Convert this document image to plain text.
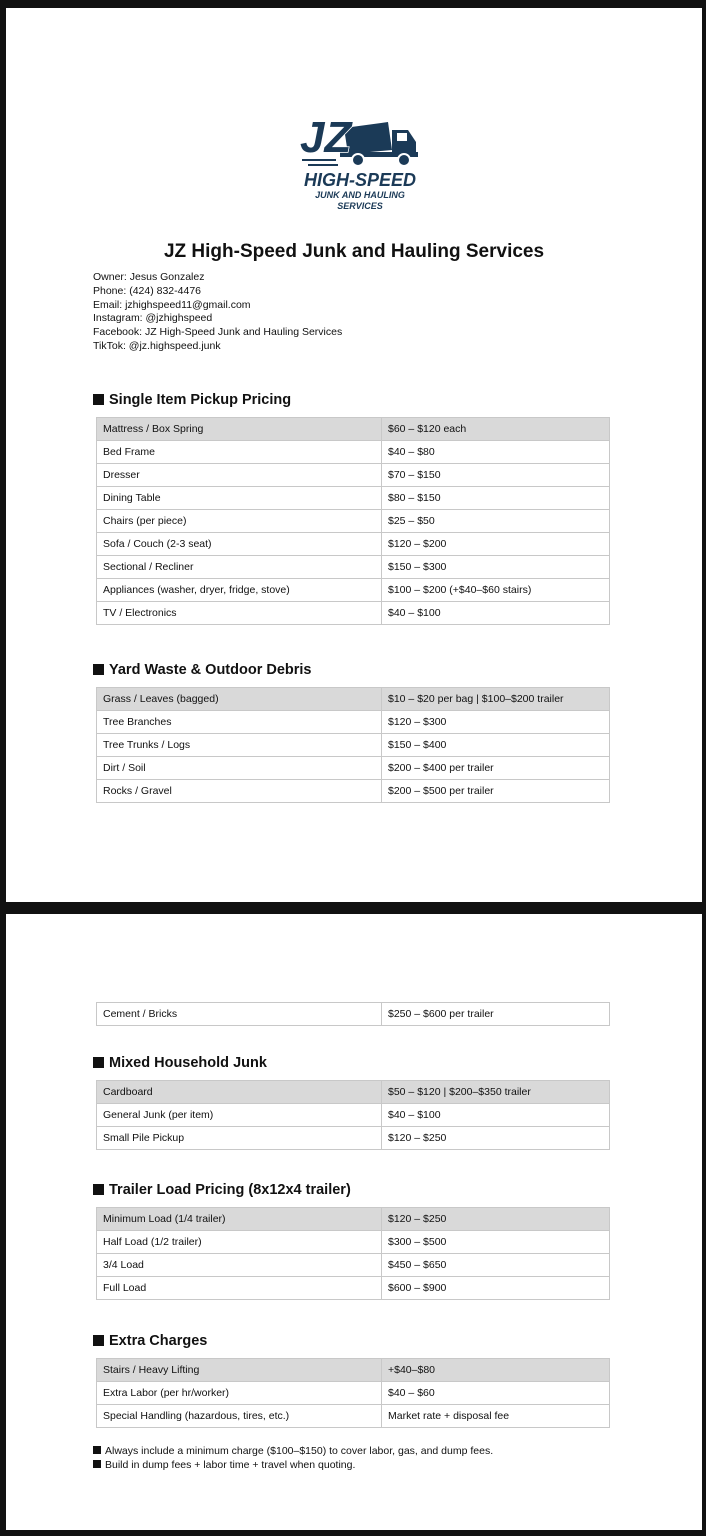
JZ
HIGH-SPEED
JUNK AND HAULING
SERVICES
JZ High-Speed Junk and Hauling Services
Owner: Jesus Gonzalez
Phone: (424) 832-4476
Email: jzhighspeed11@gmail.com
Instagram: @jzhighspeed
Facebook: JZ High-Speed Junk and Hauling Services
TikTok: @jz.highspeed.junk
Single Item Pickup Pricing
Mattress / Box Spring	$60 – $120 each
Bed Frame	$40 – $80
Dresser	$70 – $150
Dining Table	$80 – $150
Chairs (per piece)	$25 – $50
Sofa / Couch (2-3 seat)	$120 – $200
Sectional / Recliner	$150 – $300
Appliances (washer, dryer, fridge, stove)	$100 – $200 (+$40–$60 stairs)
TV / Electronics	$40 – $100
Yard Waste & Outdoor Debris
Grass / Leaves (bagged)	$10 – $20 per bag | $100–$200 trailer
Tree Branches	$120 – $300
Tree Trunks / Logs	$150 – $400
Dirt / Soil	$200 – $400 per trailer
Rocks / Gravel	$200 – $500 per trailer
Cement / Bricks	$250 – $600 per trailer
Mixed Household Junk
Cardboard	$50 – $120 | $200–$350 trailer
General Junk (per item)	$40 – $100
Small Pile Pickup	$120 – $250
Trailer Load Pricing (8x12x4 trailer)
Minimum Load (1/4 trailer)	$120 – $250
Half Load (1/2 trailer)	$300 – $500
3/4 Load	$450 – $650
Full Load	$600 – $900
Extra Charges
Stairs / Heavy Lifting	+$40–$80
Extra Labor (per hr/worker)	$40 – $60
Special Handling (hazardous, tires, etc.)	Market rate + disposal fee
Always include a minimum charge ($100–$150) to cover labor, gas, and dump fees.
Build in dump fees + labor time + travel when quoting.
